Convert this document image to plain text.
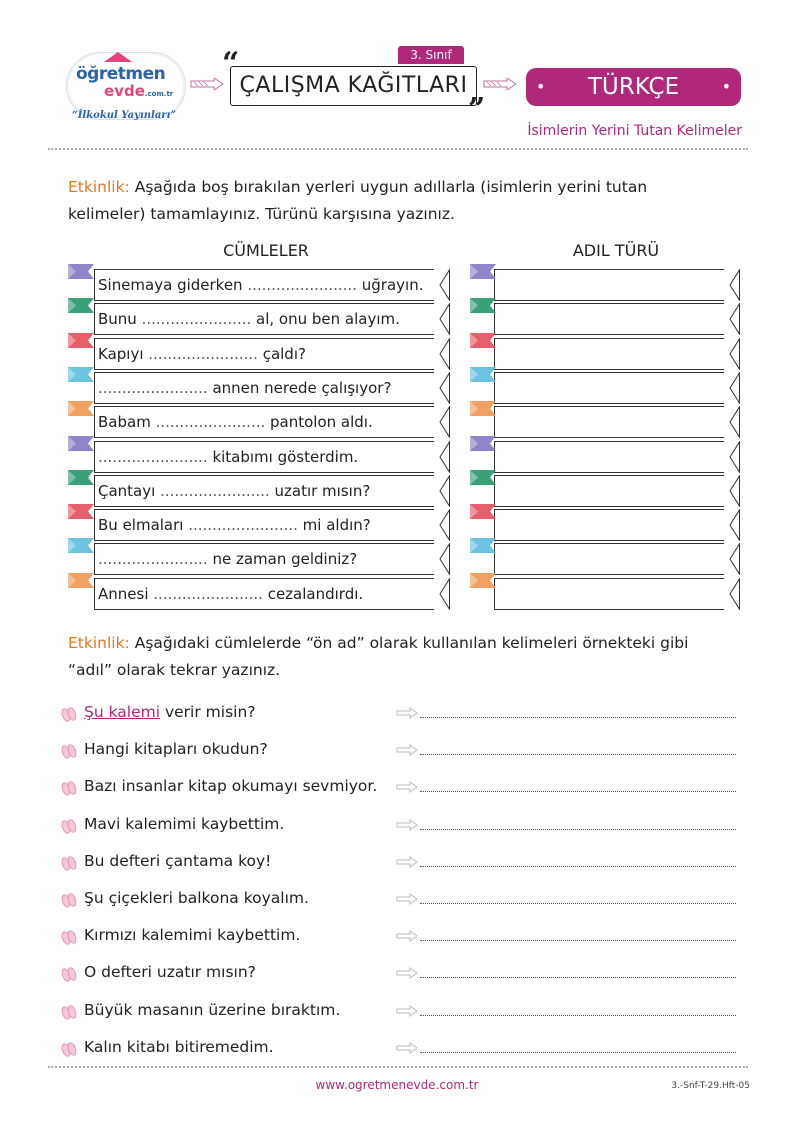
öğretmen
evde.com.tr
“İlkokul Yayınları”
3. Sınıf
“
ÇALIŞMA KAĞITLARI
”
• TÜRKÇE	•
İsimlerin Yerini Tutan Kelimeler
Etkinlik: Aşağıda boş bırakılan yerleri uygun adıllarla (isimlerin yerini tutan kelimeler) tamamlayınız. Türünü karşısına yazınız.
CÜMLELER	ADIL TÜRÜ
Sinemaya giderken ....................... uğrayın.
Bunu ....................... al, onu ben alayım.
Kapıyı ....................... çaldı?
....................... annen nerede çalışıyor?
Babam ....................... pantolon aldı.
....................... kitabımı gösterdim.
Çantayı ....................... uzatır mısın?
Bu elmaları ....................... mi aldın?
....................... ne zaman geldiniz?
Annesi ....................... cezalandırdı.
Etkinlik: Aşağıdaki cümlelerde “ön ad” olarak kullanılan kelimeleri örnekteki gibi “adıl” olarak tekrar yazınız.
Şu kalemi verir misin?
Hangi kitapları okudun?
Bazı insanlar kitap okumayı sevmiyor.
Mavi kalemimi kaybettim.
Bu defteri çantama koy!
Şu çiçekleri balkona koyalım.
Kırmızı kalemimi kaybettim.
O defteri uzatır mısın?
Büyük masanın üzerine bıraktım.
Kalın kitabı bitiremedim.
www.ogretmenevde.com.tr	3.-Snf-T-29.Hft-05
